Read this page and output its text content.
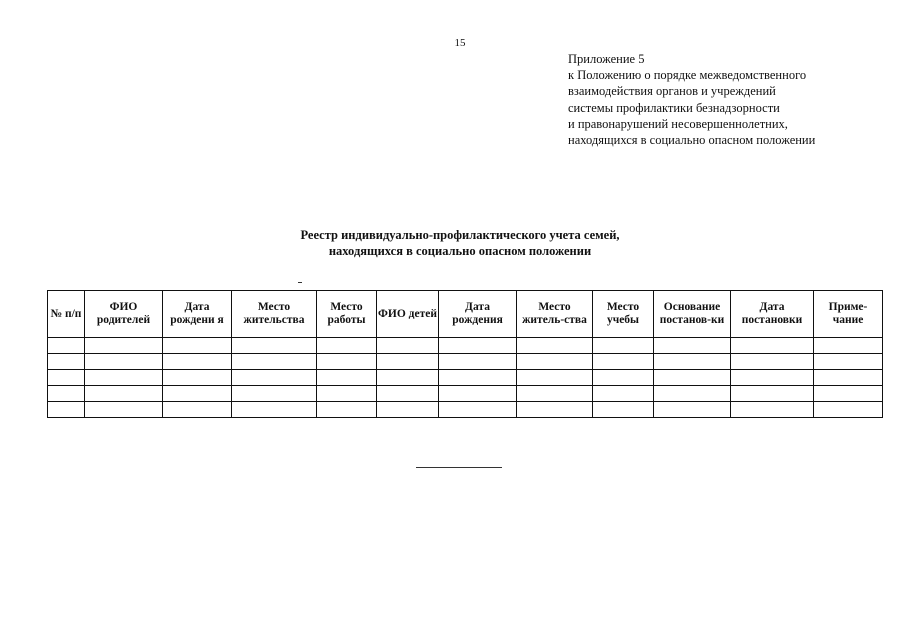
15
Приложение 5
к Положению о порядке межведомственного
взаимодействия органов и учреждений
системы профилактики безнадзорности
и правонарушений несовершеннолетних,
находящихся в социально опасном положении
Реестр индивидуально-профилактического учета семей,
находящихся в социально опасном положении
№ п/п	ФИО родителей	Дата рождени я	Место жительства	Место работы	ФИО детей	Дата рождения	Место житель-ства	Место учебы	Основание постанов-ки	Дата постановки	Приме-чание
